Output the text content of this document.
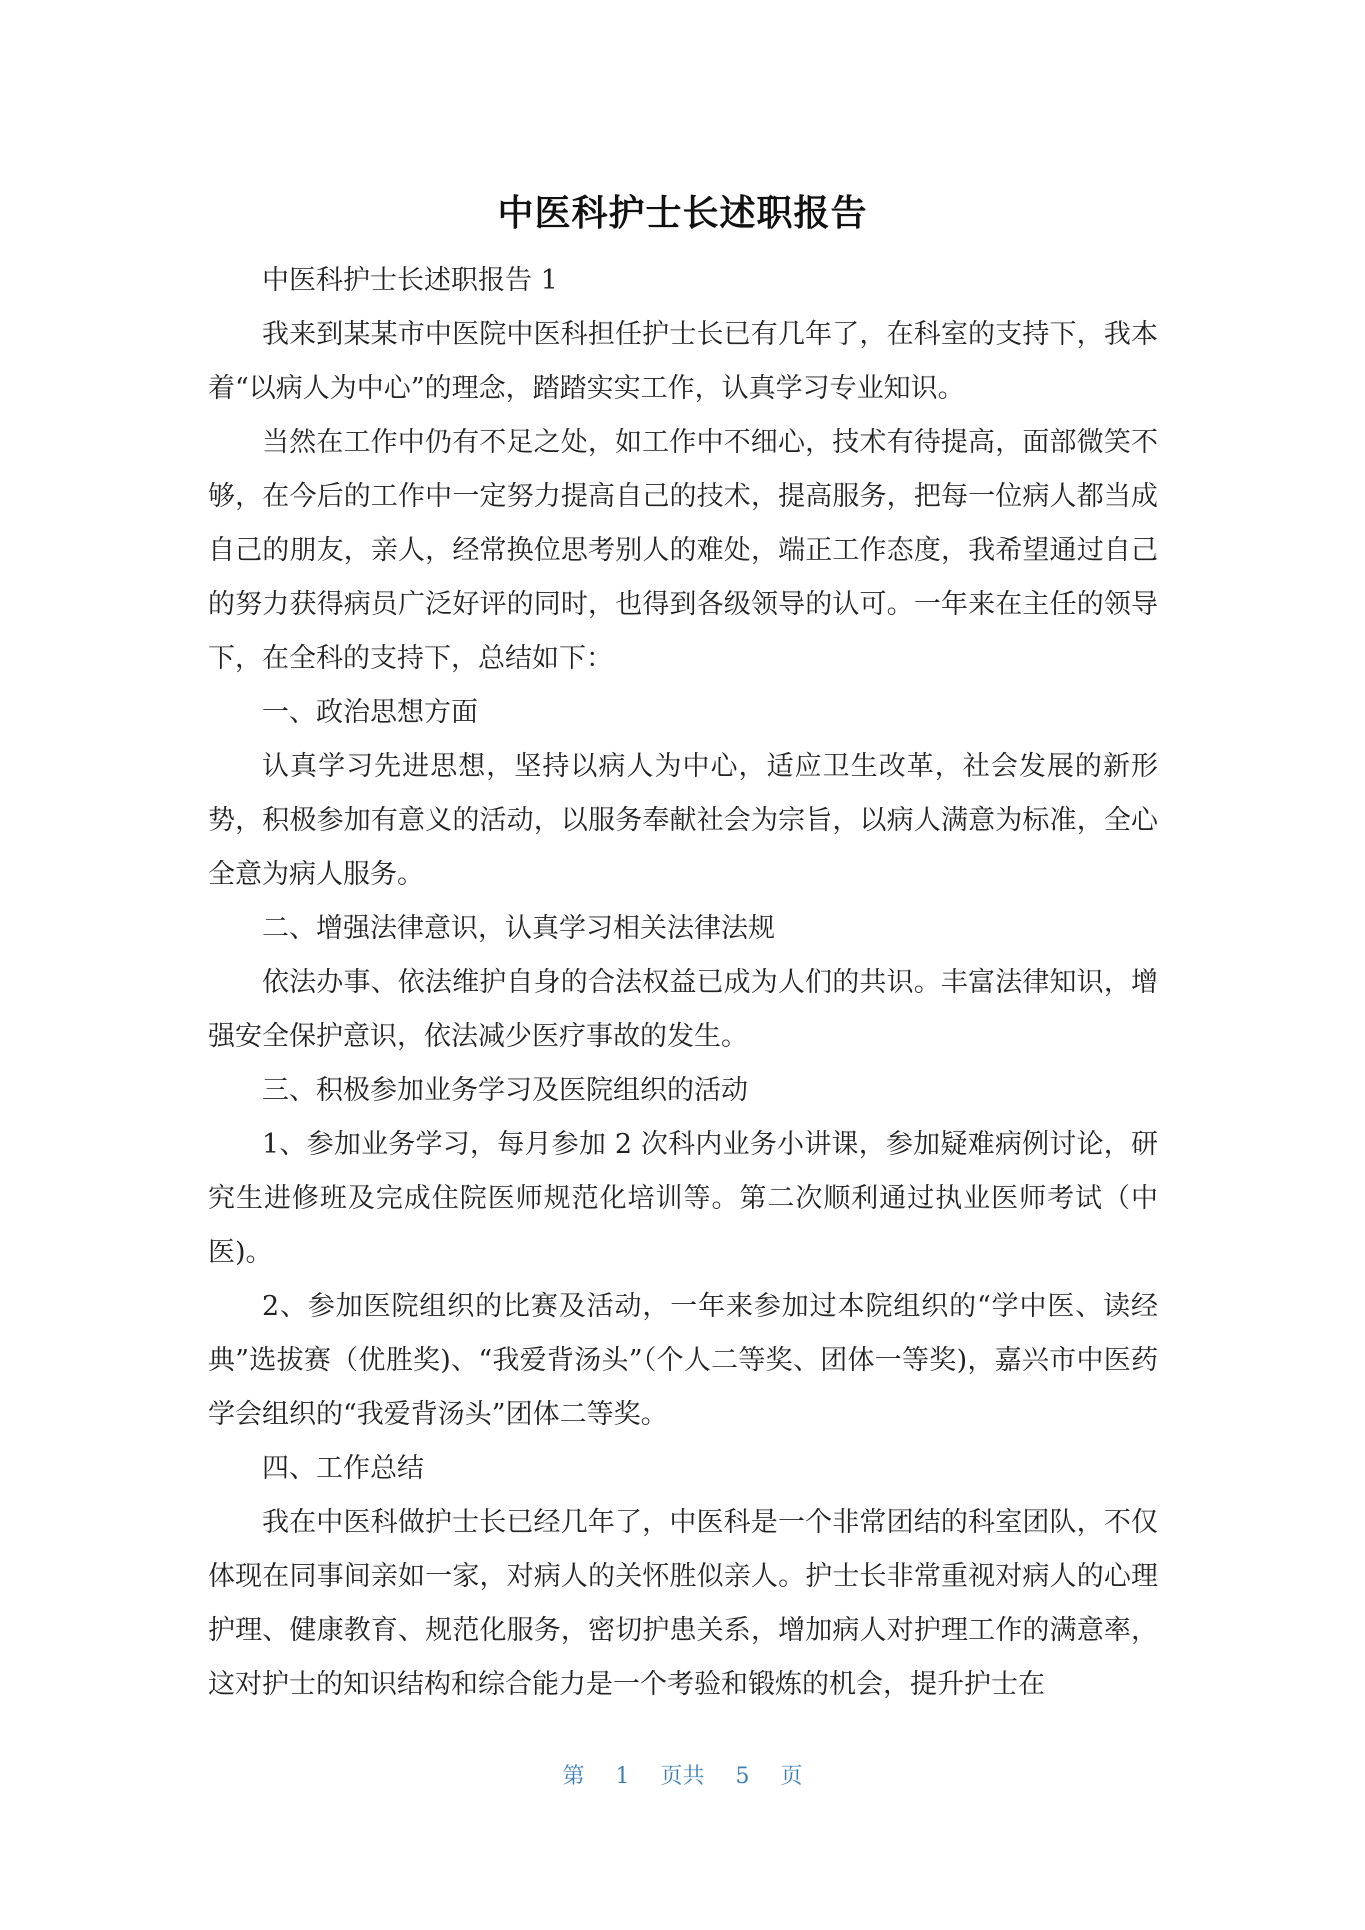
中医科护士长述职报告

中医科护士长述职报告 1

我来到某某市中医院中医科担任护士长已有几年了，在科室的支持下，我本着“以病人为中心”的理念，踏踏实实工作，认真学习专业知识。

当然在工作中仍有不足之处，如工作中不细心，技术有待提高，面部微笑不够，在今后的工作中一定努力提高自己的技术，提高服务，把每一位病人都当成自己的朋友，亲人，经常换位思考别人的难处，端正工作态度，我希望通过自己的努力获得病员广泛好评的同时，也得到各级领导的认可。一年来在主任的领导下，在全科的支持下，总结如下：

一、政治思想方面

认真学习先进思想，坚持以病人为中心，适应卫生改革，社会发展的新形势，积极参加有意义的活动，以服务奉献社会为宗旨，以病人满意为标准，全心全意为病人服务。

二、增强法律意识，认真学习相关法律法规

依法办事、依法维护自身的合法权益已成为人们的共识。丰富法律知识，增强安全保护意识，依法减少医疗事故的发生。

三、积极参加业务学习及医院组织的活动

1、参加业务学习，每月参加 2 次科内业务小讲课，参加疑难病例讨论，研究生进修班及完成住院医师规范化培训等。第二次顺利通过执业医师考试（中医)。

2、参加医院组织的比赛及活动，一年来参加过本院组织的“学中医、读经典”选拔赛（优胜奖)、“我爱背汤头”（个人二等奖、团体一等奖)，嘉兴市中医药学会组织的“我爱背汤头”团体二等奖。

四、工作总结

我在中医科做护士长已经几年了，中医科是一个非常团结的科室团队，不仅体现在同事间亲如一家，对病人的关怀胜似亲人。护士长非常重视对病人的心理护理、健康教育、规范化服务，密切护患关系，增加病人对护理工作的满意率，这对护士的知识结构和综合能力是一个考验和锻炼的机会，提升护士在

第 1 页共 5 页
